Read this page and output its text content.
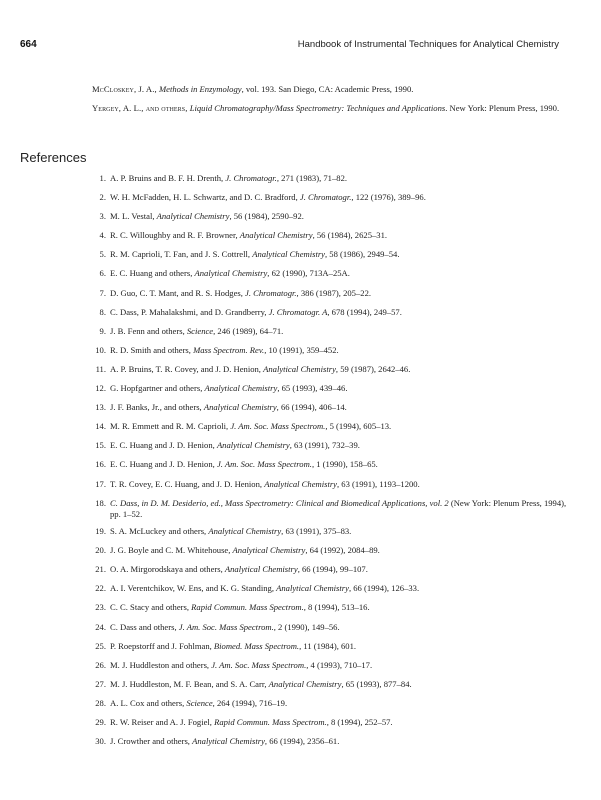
664	Handbook of Instrumental Techniques for Analytical Chemistry
McCloskey, J. A., Methods in Enzymology, vol. 193. San Diego, CA: Academic Press, 1990.
Yergey, A. L., and others, Liquid Chromatography/Mass Spectrometry: Techniques and Applications. New York: Plenum Press, 1990.
References
1 . A. P. Bruins and B. F. H. Drenth, J. Chromatogr., 271 (1983), 71–82.
2 . W. H. McFadden, H. L. Schwartz, and D. C. Bradford, J. Chromatogr., 122 (1976), 389–96.
3 . M. L. Vestal, Analytical Chemistry, 56 (1984), 2590–92.
4 . R. C. Willoughby and R. F. Browner, Analytical Chemistry, 56 (1984), 2625–31.
5 . R. M. Caprioli, T. Fan, and J. S. Cottrell, Analytical Chemistry, 58 (1986), 2949–54.
6 . E. C. Huang and others, Analytical Chemistry, 62 (1990), 713A–25A.
7 . D. Guo, C. T. Mant, and R. S. Hodges, J. Chromatogr., 386 (1987), 205–22.
8 . C. Dass, P. Mahalakshmi, and D. Grandberry, J. Chromatogr. A, 678 (1994), 249–57.
9 . J. B. Fenn and others, Science, 246 (1989), 64–71.
10 . R. D. Smith and others, Mass Spectrom. Rev., 10 (1991), 359–452.
11 . A. P. Bruins, T. R. Covey, and J. D. Henion, Analytical Chemistry, 59 (1987), 2642–46.
12 . G. Hopfgartner and others, Analytical Chemistry, 65 (1993), 439–46.
13 . J. F. Banks, Jr., and others, Analytical Chemistry, 66 (1994), 406–14.
14 . M. R. Emmett and R. M. Caprioli, J. Am. Soc. Mass Spectrom., 5 (1994), 605–13.
15 . E. C. Huang and J. D. Henion, Analytical Chemistry, 63 (1991), 732–39.
16 . E. C. Huang and J. D. Henion, J. Am. Soc. Mass Spectrom., 1 (1990), 158–65.
17 . T. R. Covey, E. C. Huang, and J. D. Henion, Analytical Chemistry, 63 (1991), 1193–1200.
18 . C. Dass, in D. M. Desiderio, ed., Mass Spectrometry: Clinical and Biomedical Applications, vol. 2 (New York: Plenum Press, 1994), pp. 1–52.
19 . S. A. McLuckey and others, Analytical Chemistry, 63 (1991), 375–83.
20 . J. G. Boyle and C. M. Whitehouse, Analytical Chemistry, 64 (1992), 2084–89.
21 . O. A. Mirgorodskaya and others, Analytical Chemistry, 66 (1994), 99–107.
22 . A. I. Verentchikov, W. Ens, and K. G. Standing, Analytical Chemistry, 66 (1994), 126–33.
23 . C. C. Stacy and others, Rapid Commun. Mass Spectrom., 8 (1994), 513–16.
24 . C. Dass and others, J. Am. Soc. Mass Spectrom., 2 (1990), 149–56.
25 . P. Roepstorff and J. Fohlman, Biomed. Mass Spectrom., 11 (1984), 601.
26 . M. J. Huddleston and others, J. Am. Soc. Mass Spectrom., 4 (1993), 710–17.
27 . M. J. Huddleston, M. F. Bean, and S. A. Carr, Analytical Chemistry, 65 (1993), 877–84.
28 . A. L. Cox and others, Science, 264 (1994), 716–19.
29 . R. W. Reiser and A. J. Fogiel, Rapid Commun. Mass Spectrom., 8 (1994), 252–57.
30 . J. Crowther and others, Analytical Chemistry, 66 (1994), 2356–61.
